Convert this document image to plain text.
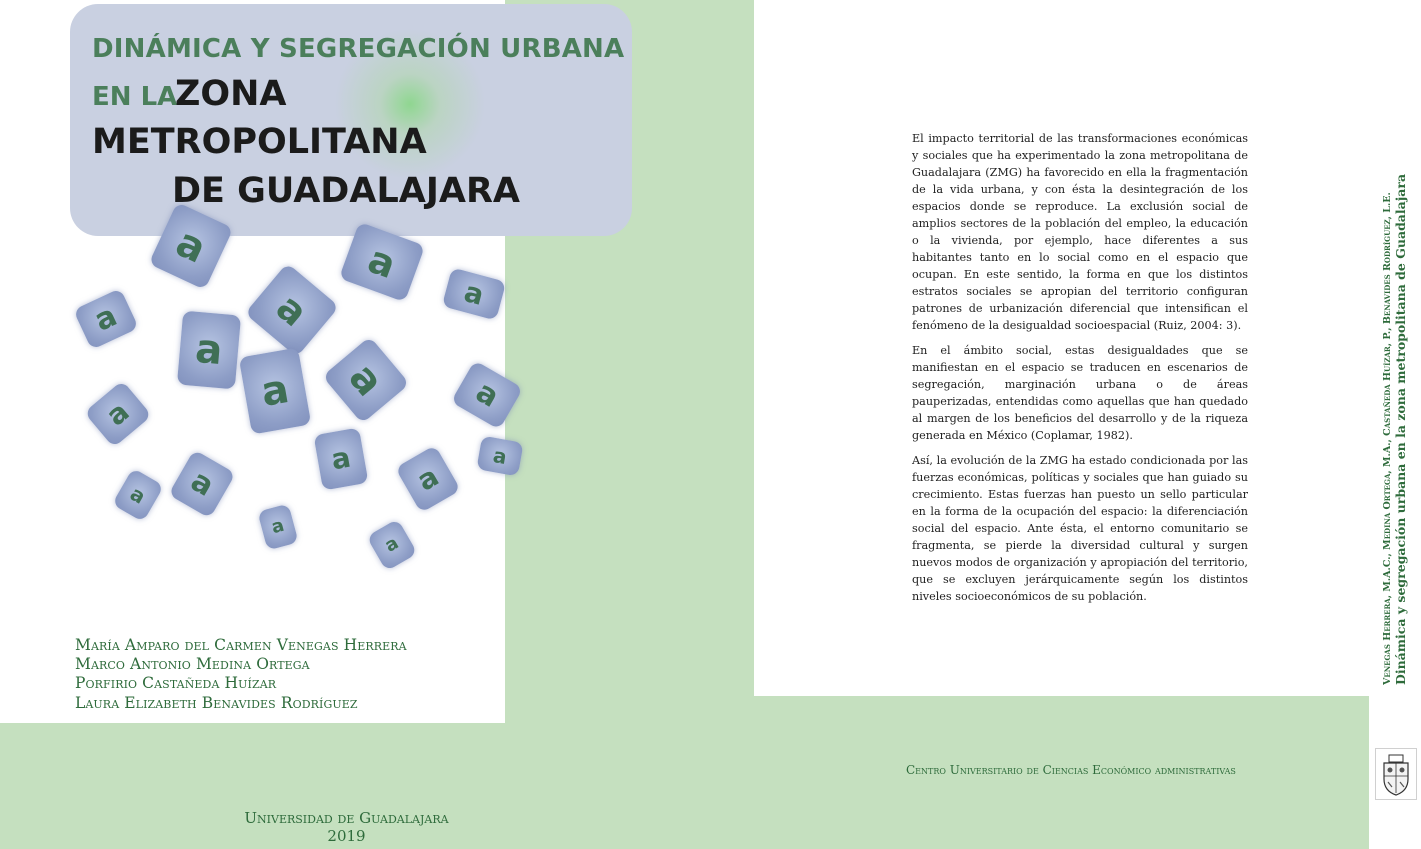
DINÁMICA Y SEGREGACIÓN URBANA
EN LA
ZONA
METROPOLITANA
DE GUADALAJARA
a	a
a	a	a
a
a a	a
a
a	a
a	a
a
a
a
María Amparo del Carmen Venegas Herrera
Marco Antonio Medina Ortega
Porfirio Castañeda Huízar
Laura Elizabeth Benavides Rodríguez
Universidad de Guadalajara
2019

El impacto territorial de las transformaciones económicas y sociales que ha experimentado la zona metropolitana de Guadalajara (ZMG) ha favorecido en ella la fragmentación de la vida urbana, y con ésta la desintegración de los espacios donde se reproduce. La exclusión social de amplios sectores de la población del empleo, la educación o la vivienda, por ejemplo, hace diferentes a sus habitantes tanto en lo social como en el espacio que ocupan. En este sentido, la forma en que los distintos estratos sociales se apropian del territorio configuran patrones de urbanización diferencial que intensifican el fenómeno de la desigualdad socioespacial (Ruiz, 2004: 3).

En el ámbito social, estas desigualdades que se manifiestan en el espacio se traducen en escenarios de segregación, marginación urbana o de áreas pauperizadas, entendidas como aquellas que han quedado al margen de los beneficios del desarrollo y de la riqueza generada en México (Coplamar, 1982).

Así, la evolución de la ZMG ha estado condicionada por las fuerzas económicas, políticas y sociales que han guiado su crecimiento. Estas fuerzas han puesto un sello particular en la forma de la ocupación del espacio: la diferenciación social del espacio. Ante ésta, el entorno comunitario se fragmenta, se pierde la diversidad cultural y surgen nuevos modos de organización y apropiación del territorio, que se excluyen jerárquicamente según los distintos niveles socioeconómicos de su población.

Centro Universitario de Ciencias Económico administrativas
Venegas Herrera, M.A.C., Medina Ortega, M.A., Castañeda Huízar, P., Benavides Rodríguez, L.E. Dinámica y segregación urbana en la zona metropolitana de Guadalajara
